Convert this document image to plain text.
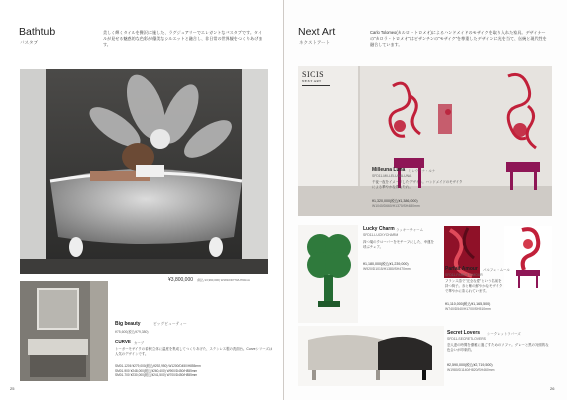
Bathtub
バスタブ
美しく輝くタイルを贅沢に施した、ラグジュアリーでエレガントなバスタブです。タイルが見せる魅惑的な色彩が優美なシルエットと融合し、非日常の世界観をつくりあげます。
¥3,800,000 (税込 ¥3,990,000) W1810/D770/H790mm
Big beauty	ビッグビューティー
¥75,600(税込¥79,380)
CURVE カーブ
トーガーモザイクの希釈立体に温度を集成してつくりあげた、ステンレス製の洗面台。Curveシリーズは人気のデザインです。
SM01-1206 ¥279,000(税込¥292,950) W1200/D450/H855mm
SM01-900 ¥248,000(税込¥260,400) W900/D450/H855mm
SM01-700 ¥230,000(税込¥241,500) W700/D450/H855mm
25
Next Art
ネクストアート
Carlo Tolomeo(カルロ・トロメオ)によるハンドメイドのモザイクを取り入れた家具。デザイナーの"カロラ・トロメオ"はビザンチンの"モザイク"を尊重したデザインに光を当て、伝統と現代性を融合しています。
SICIS
NEXT ART
Milleuna Luna ミレウーナ・ルナ
SFD11-MILLELUNALUNA
千夜一夜をイメージしたデザイン。ハンドメイドのモザイクによる華やかな背もたれ。
¥1,320,000(税込¥1,386,000)
W1040/D660/H1370/SH480mm
Lucky Charm ラッキーチャーム
SFD11-LUCKYCHARM
四つ葉のクローバーをモチーフにした、幸運を呼ぶチェア。
¥1,180,000(税込¥1,239,000)
W920/D1015/H1380/SH470mm	Parfait Amour パルフェ・ムール
SFD11-PARFAITAMOUR
フランス語で"完全な愛"という名前を持つ椅子。赤と紫の鮮やかなモザイクで華やかに彩られています。
¥1,110,000(税込¥1,165,500)
W740/D540/H1700/SH510mm
Secret Lovers シークレットラバーズ
SFD11-SECRETLOVERS
恋人達の時間を優雅に過ごすためのソファ。グレーと黒の対照的な色合いが印象的。
¥2,590,000(税込¥2,719,500)
W1980/D1140/H820/SH460mm
26
